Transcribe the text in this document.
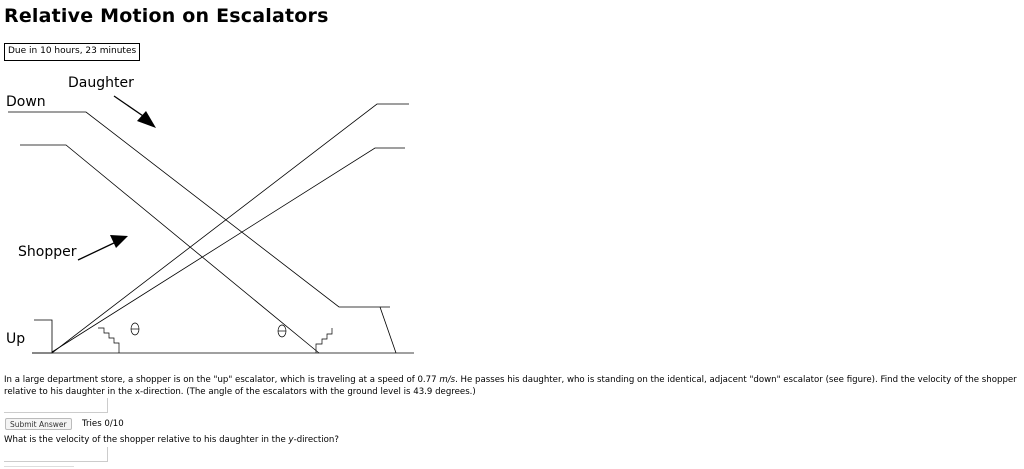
Relative Motion on Escalators
Due in 10 hours, 23 minutes
Down
Daughter
Shopper
Up
In a large department store, a shopper is on the "up" escalator, which is traveling at a speed of 0.77 m/s. He passes his daughter, who is standing on the identical, adjacent "down" escalator (see figure). Find the velocity of the shopper relative to his daughter in the x-direction. (The angle of the escalators with the ground level is 43.9 degrees.)
Submit Answer	Tries 0/10
What is the velocity of the shopper relative to his daughter in the y-direction?
